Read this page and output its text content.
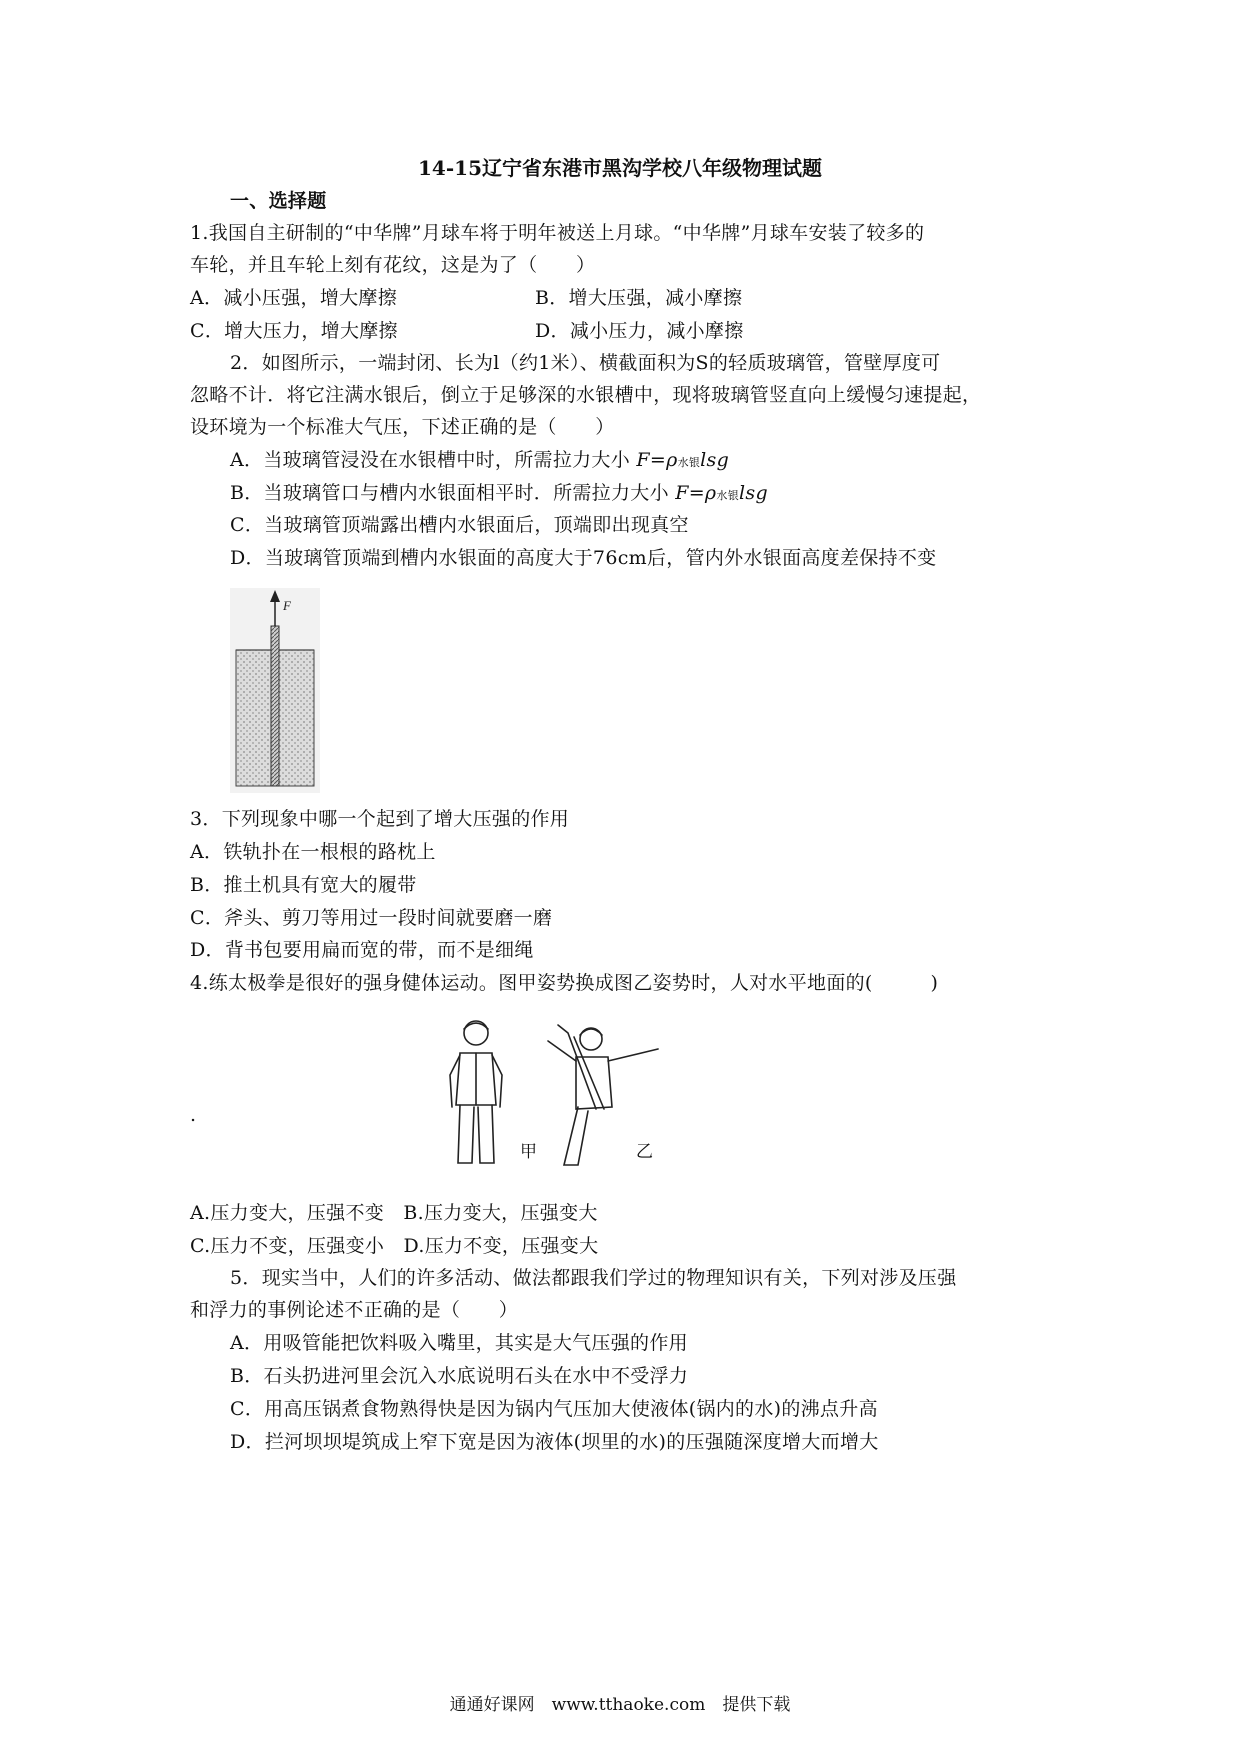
14-15辽宁省东港市黑沟学校八年级物理试题
一、选择题
1.我国自主研制的“中华牌”月球车将于明年被送上月球。“中华牌”月球车安装了较多的
车轮，并且车轮上刻有花纹，这是为了（　　）
A．减小压强，增大摩擦	B．增大压强，减小摩擦
C．增大压力，增大摩擦	D．减小压力，减小摩擦
2．如图所示，一端封闭、长为l（约1米）、横截面积为S的轻质玻璃管，管壁厚度可
忽略不计．将它注满水银后，倒立于足够深的水银槽中，现将玻璃管竖直向上缓慢匀速提起，
设环境为一个标准大气压，下述正确的是（　　）
A．当玻璃管浸没在水银槽中时，所需拉力大小 F=ρ水银lsg
B．当玻璃管口与槽内水银面相平时．所需拉力大小 F=ρ水银lsg
C．当玻璃管顶端露出槽内水银面后，顶端即出现真空
D．当玻璃管顶端到槽内水银面的高度大于76cm后，管内外水银面高度差保持不变
F
3．下列现象中哪一个起到了增大压强的作用
A．铁轨扑在一根根的路枕上
B．推土机具有宽大的履带
C．斧头、剪刀等用过一段时间就要磨一磨
D．背书包要用扁而宽的带，而不是细绳
4.练太极拳是很好的强身健体运动。图甲姿势换成图乙姿势时，人对水平地面的(　　　)
.
甲	乙
A.压力变大，压强不变　B.压力变大，压强变大
C.压力不变，压强变小　D.压力不变，压强变大
5．现实当中，人们的许多活动、做法都跟我们学过的物理知识有关，下列对涉及压强
和浮力的事例论述不正确的是（　　）
A．用吸管能把饮料吸入嘴里，其实是大气压强的作用
B．石头扔进河里会沉入水底说明石头在水中不受浮力
C．用高压锅煮食物熟得快是因为锅内气压加大使液体(锅内的水)的沸点升高
D．拦河坝坝堤筑成上窄下宽是因为液体(坝里的水)的压强随深度增大而增大
通通好课网　www.tthaoke.com　提供下载
